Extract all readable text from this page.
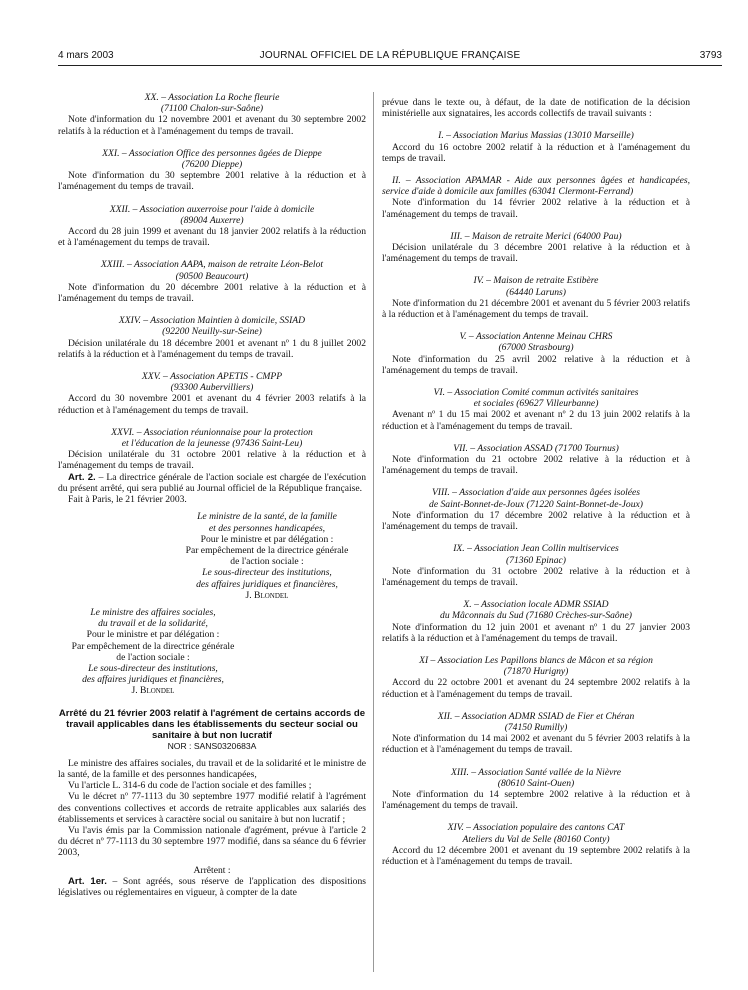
4 mars 2003	JOURNAL OFFICIEL DE LA RÉPUBLIQUE FRANÇAISE	3793
XX. – Association La Roche fleurie
(71100 Chalon-sur-Saône)

Note d'information du 12 novembre 2001 et avenant du 30 septembre 2002 relatifs à la réduction et à l'aménagement du temps de travail.

XXI. – Association Office des personnes âgées de Dieppe
(76200 Dieppe)

Note d'information du 30 septembre 2001 relative à la réduction et à l'aménagement du temps de travail.

XXII. – Association auxerroise pour l'aide à domicile
(89004 Auxerre)

Accord du 28 juin 1999 et avenant du 18 janvier 2002 relatifs à la réduction et à l'aménagement du temps de travail.

XXIII. – Association AAPA, maison de retraite Léon-Belot
(90500 Beaucourt)

Note d'information du 20 décembre 2001 relative à la réduction et à l'aménagement du temps de travail.

XXIV. – Association Maintien à domicile, SSIAD
(92200 Neuilly-sur-Seine)

Décision unilatérale du 18 décembre 2001 et avenant nº 1 du 8 juillet 2002 relatifs à la réduction et à l'aménagement du temps de travail.

XXV. – Association APETIS - CMPP
(93300 Aubervilliers)

Accord du 30 novembre 2001 et avenant du 4 février 2003 relatifs à la réduction et à l'aménagement du temps de travail.

XXVI. – Association réunionnaise pour la protection
et l'éducation de la jeunesse (97436 Saint-Leu)

Décision unilatérale du 31 octobre 2001 relative à la réduction et à l'aménagement du temps de travail.

Art. 2. – La directrice générale de l'action sociale est chargée de l'exécution du présent arrêté, qui sera publié au Journal officiel de la République française.

Fait à Paris, le 21 février 2003.

Le ministre de la santé, de la famille
et des personnes handicapées,
Pour le ministre et par délégation :
Par empêchement de la directrice générale
de l'action sociale :
Le sous-directeur des institutions,
des affaires juridiques et financières,
J. Blondel
Le ministre des affaires sociales,
du travail et de la solidarité,
Pour le ministre et par délégation :
Par empêchement de la directrice générale
de l'action sociale :
Le sous-directeur des institutions,
des affaires juridiques et financières,
J. Blondel
Arrêté du 21 février 2003 relatif à l'agrément de certains accords de travail applicables dans les établissements du secteur social ou sanitaire à but non lucratif
NOR : SANS0320683A

Le ministre des affaires sociales, du travail et de la solidarité et le ministre de la santé, de la famille et des personnes handicapées,

Vu l'article L. 314-6 du code de l'action sociale et des familles ;

Vu le décret nº 77-1113 du 30 septembre 1977 modifié relatif à l'agrément des conventions collectives et accords de retraite applicables aux salariés des établissements et services à caractère social ou sanitaire à but non lucratif ;

Vu l'avis émis par la Commission nationale d'agrément, prévue à l'article 2 du décret nº 77-1113 du 30 septembre 1977 modifié, dans sa séance du 6 février 2003,

Arrêtent :

Art. 1er. – Sont agréés, sous réserve de l'application des dispositions législatives ou réglementaires en vigueur, à compter de la date

prévue dans le texte ou, à défaut, de la date de notification de la décision ministérielle aux signataires, les accords collectifs de travail suivants :

I. – Association Marius Massias (13010 Marseille)

Accord du 16 octobre 2002 relatif à la réduction et à l'aménagement du temps de travail.

II. – Association APAMAR - Aide aux personnes âgées et handicapées, service d'aide à domicile aux familles (63041 Clermont-Ferrand)

Note d'information du 14 février 2002 relative à la réduction et à l'aménagement du temps de travail.

III. – Maison de retraite Merici (64000 Pau)

Décision unilatérale du 3 décembre 2001 relative à la réduction et à l'aménagement du temps de travail.

IV. – Maison de retraite Estibère
(64440 Laruns)

Note d'information du 21 décembre 2001 et avenant du 5 février 2003 relatifs à la réduction et à l'aménagement du temps de travail.

V. – Association Antenne Meinau CHRS
(67000 Strasbourg)

Note d'information du 25 avril 2002 relative à la réduction et à l'aménagement du temps de travail.

VI. – Association Comité commun activités sanitaires
et sociales (69627 Villeurbanne)

Avenant nº 1 du 15 mai 2002 et avenant nº 2 du 13 juin 2002 relatifs à la réduction et à l'aménagement du temps de travail.

VII. – Association ASSAD (71700 Tournus)

Note d'information du 21 octobre 2002 relative à la réduction et à l'aménagement du temps de travail.

VIII. – Association d'aide aux personnes âgées isolées
de Saint-Bonnet-de-Joux (71220 Saint-Bonnet-de-Joux)

Note d'information du 17 décembre 2002 relative à la réduction et à l'aménagement du temps de travail.

IX. – Association Jean Collin multiservices
(71360 Epinac)

Note d'information du 31 octobre 2002 relative à la réduction et à l'aménagement du temps de travail.

X. – Association locale ADMR SSIAD
du Mâconnais du Sud (71680 Crèches-sur-Saône)

Note d'information du 12 juin 2001 et avenant nº 1 du 27 janvier 2003 relatifs à la réduction et à l'aménagement du temps de travail.

XI – Association Les Papillons blancs de Mâcon et sa région
(71870 Hurigny)

Accord du 22 octobre 2001 et avenant du 24 septembre 2002 relatifs à la réduction et à l'aménagement du temps de travail.

XII. – Association ADMR SSIAD de Fier et Chéran
(74150 Rumilly)

Note d'information du 14 mai 2002 et avenant du 5 février 2003 relatifs à la réduction et à l'aménagement du temps de travail.

XIII. – Association Santé vallée de la Nièvre
(80610 Saint-Ouen)

Note d'information du 14 septembre 2002 relative à la réduction et à l'aménagement du temps de travail.

XIV. – Association populaire des cantons CAT
Ateliers du Val de Selle (80160 Conty)

Accord du 12 décembre 2001 et avenant du 19 septembre 2002 relatifs à la réduction et à l'aménagement du temps de travail.
